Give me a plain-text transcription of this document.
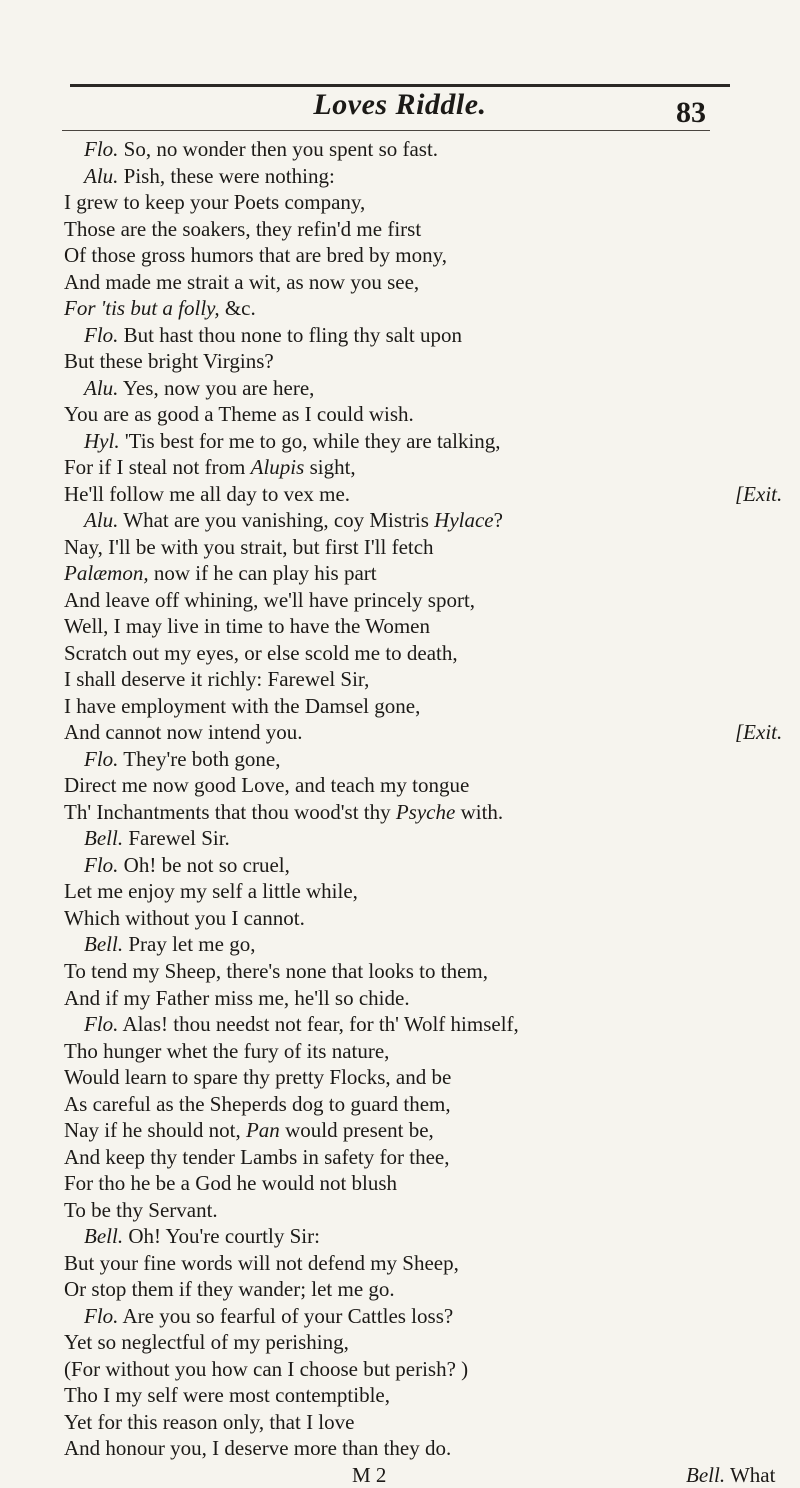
Loves Riddle.	83
Flo. So, no wonder then you spent so fast.
Alu. Pish, these were nothing:
I grew to keep your Poets company,
Those are the soakers, they refin'd me first
Of those gross humors that are bred by mony,
And made me strait a wit, as now you see,
For 'tis but a folly, &c.
Flo. But hast thou none to fling thy salt upon
But these bright Virgins?
Alu. Yes, now you are here,
You are as good a Theme as I could wish.
Hyl. 'Tis best for me to go, while they are talking,
For if I steal not from Alupis sight,
He'll follow me all day to vex me.	[Exit.
Alu. What are you vanishing, coy Mistris Hylace?
Nay, I'll be with you strait, but first I'll fetch
Palæmon, now if he can play his part
And leave off whining, we'll have princely sport,
Well, I may live in time to have the Women
Scratch out my eyes, or else scold me to death,
I shall deserve it richly: Farewel Sir,
I have employment with the Damsel gone,
And cannot now intend you.	[Exit.
Flo. They're both gone,
Direct me now good Love, and teach my tongue
Th' Inchantments that thou wood'st thy Psyche with.
Bell. Farewel Sir.
Flo. Oh! be not so cruel,
Let me enjoy my self a little while,
Which without you I cannot.
Bell. Pray let me go,
To tend my Sheep, there's none that looks to them,
And if my Father miss me, he'll so chide.
Flo. Alas! thou needst not fear, for th' Wolf himself,
Tho hunger whet the fury of its nature,
Would learn to spare thy pretty Flocks, and be
As careful as the Sheperds dog to guard them,
Nay if he should not, Pan would present be,
And keep thy tender Lambs in safety for thee,
For tho he be a God he would not blush
To be thy Servant.
Bell. Oh! You're courtly Sir:
But your fine words will not defend my Sheep,
Or stop them if they wander; let me go.
Flo. Are you so fearful of your Cattles loss?
Yet so neglectful of my perishing,
(For without you how can I choose but perish? )
Tho I my self were most contemptible,
Yet for this reason only, that I love
And honour you, I deserve more than they do.
M 2	Bell. What
